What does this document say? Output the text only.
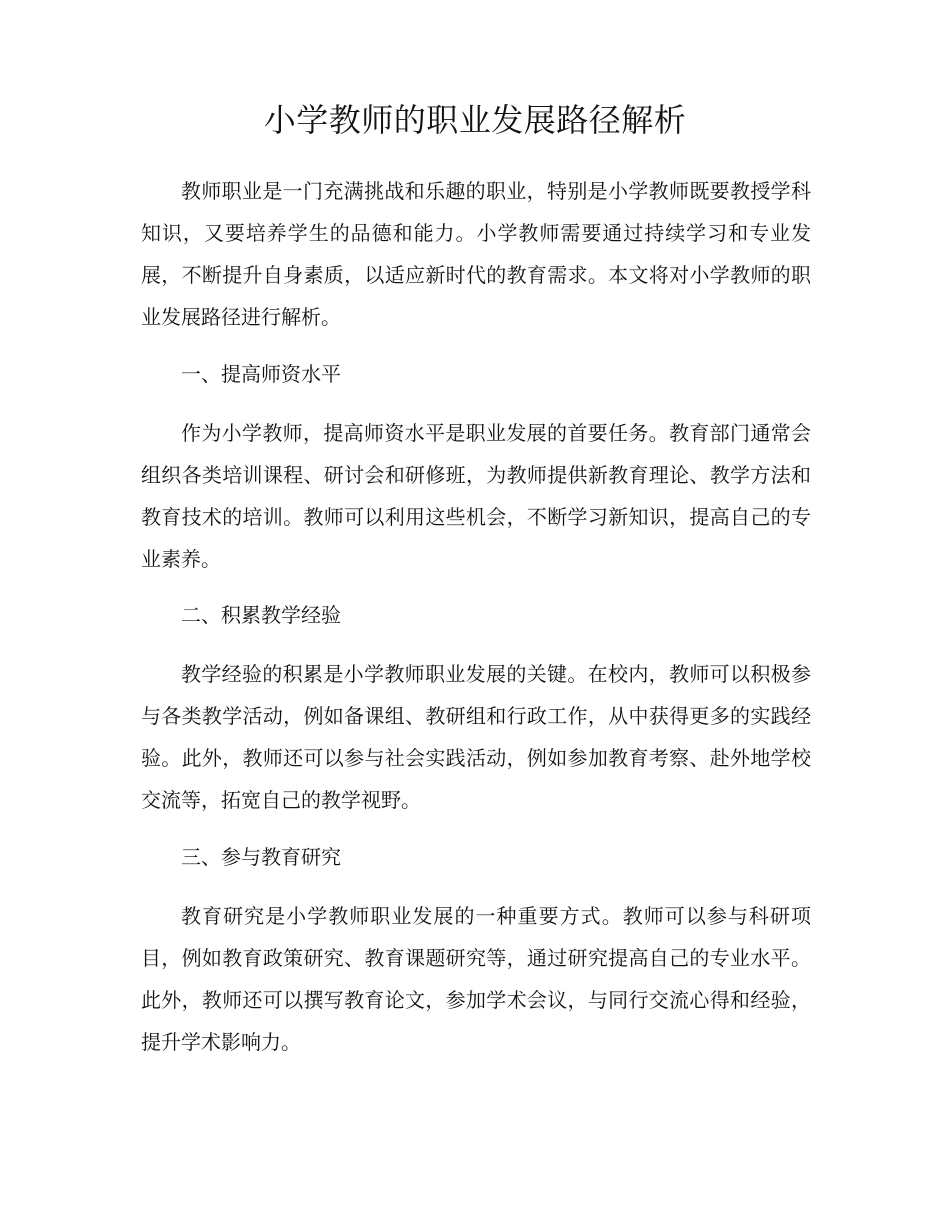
小学教师的职业发展路径解析

教师职业是一门充满挑战和乐趣的职业，特别是小学教师既要教授学科知识，又要培养学生的品德和能力。小学教师需要通过持续学习和专业发展，不断提升自身素质，以适应新时代的教育需求。本文将对小学教师的职业发展路径进行解析。

一、提高师资水平

作为小学教师，提高师资水平是职业发展的首要任务。教育部门通常会组织各类培训课程、研讨会和研修班，为教师提供新教育理论、教学方法和教育技术的培训。教师可以利用这些机会，不断学习新知识，提高自己的专业素养。

二、积累教学经验

教学经验的积累是小学教师职业发展的关键。在校内，教师可以积极参与各类教学活动，例如备课组、教研组和行政工作，从中获得更多的实践经验。此外，教师还可以参与社会实践活动，例如参加教育考察、赴外地学校交流等，拓宽自己的教学视野。

三、参与教育研究

教育研究是小学教师职业发展的一种重要方式。教师可以参与科研项目，例如教育政策研究、教育课题研究等，通过研究提高自己的专业水平。此外，教师还可以撰写教育论文，参加学术会议，与同行交流心得和经验，提升学术影响力。
